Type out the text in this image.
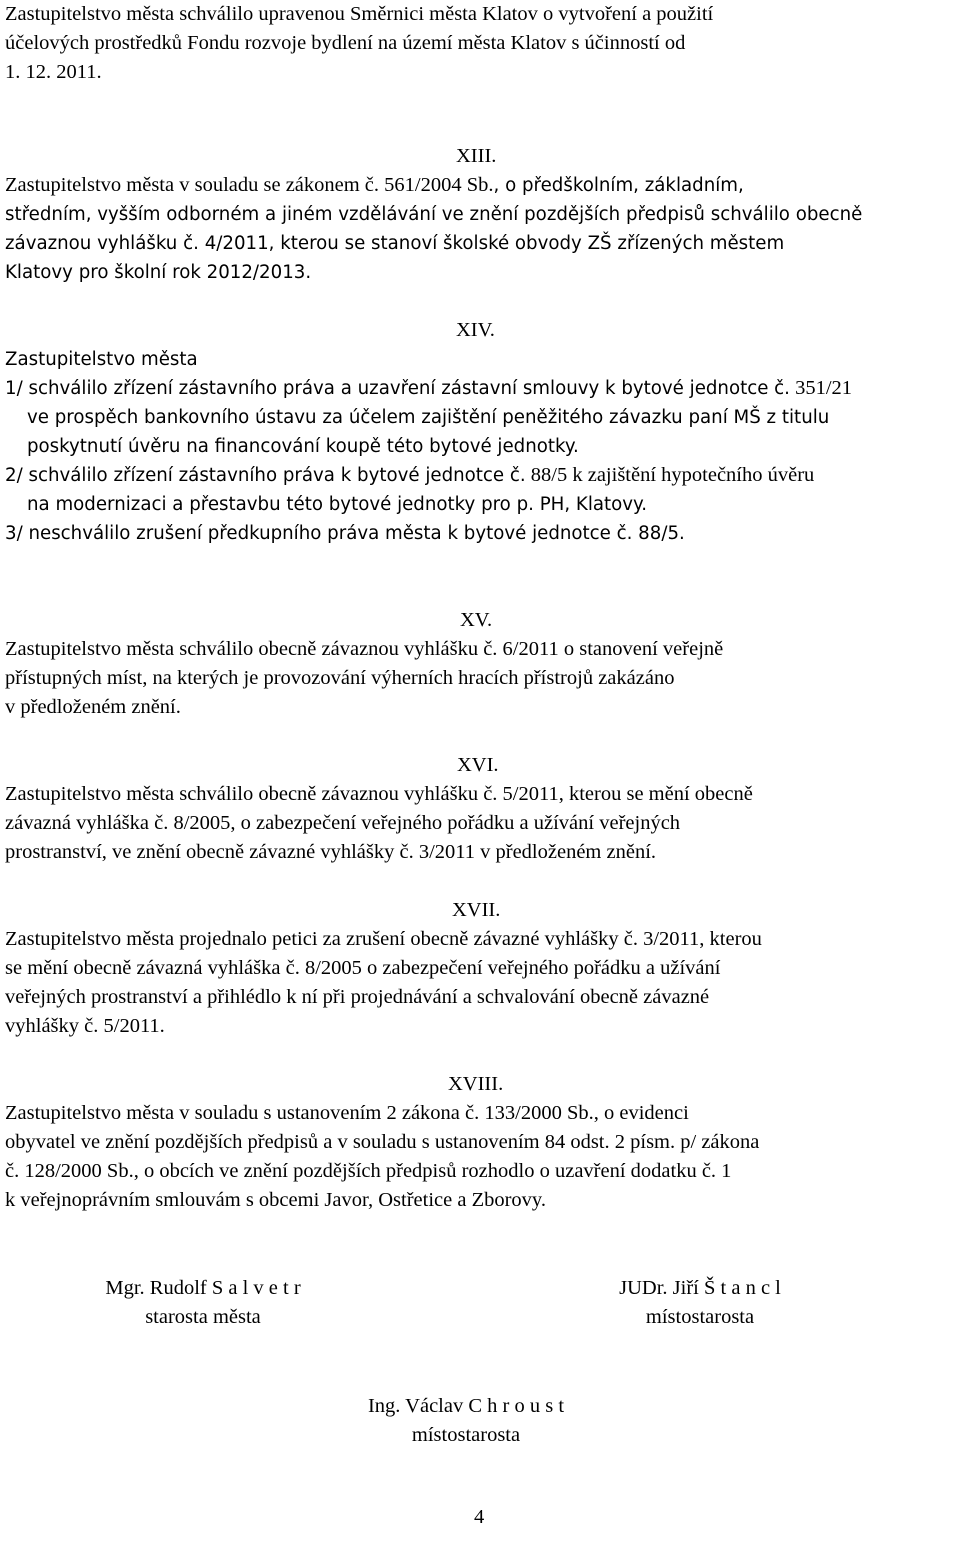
Zastupitelstvo města schválilo upravenou Směrnici města Klatov o vytvoření a použití
účelových prostředků Fondu rozvoje bydlení na území města Klatov s účinností od
1. 12. 2011.
XIII.
Zastupitelstvo města v souladu se zákonem č. 561/2004 Sb., o předškolním, základním,
středním, vyšším odborném a jiném vzdělávání ve znění pozdějších předpisů schválilo obecně
závaznou vyhlášku č. 4/2011, kterou se stanoví školské obvody ZŠ zřízených městem
Klatovy pro školní rok 2012/2013.
XIV.
Zastupitelstvo města
1/ schválilo zřízení zástavního práva a uzavření zástavní smlouvy k bytové jednotce č. 351/21
ve prospěch bankovního ústavu za účelem zajištění peněžitého závazku paní MŠ z titulu
poskytnutí úvěru na financování koupě této bytové jednotky.
2/ schválilo zřízení zástavního práva k bytové jednotce č. 88/5 k zajištění hypotečního úvěru
na modernizaci a přestavbu této bytové jednotky pro p. PH, Klatovy.
3/ neschválilo zrušení předkupního práva města k bytové jednotce č. 88/5.
XV.
Zastupitelstvo města schválilo obecně závaznou vyhlášku č. 6/2011 o stanovení veřejně
přístupných míst, na kterých je provozování výherních hracích přístrojů zakázáno
v předloženém znění.
XVI.
Zastupitelstvo města schválilo obecně závaznou vyhlášku č. 5/2011, kterou se mění obecně
závazná vyhláška č. 8/2005, o zabezpečení veřejného pořádku a užívání veřejných
prostranství, ve znění obecně závazné vyhlášky č. 3/2011 v předloženém znění.
XVII.
Zastupitelstvo města projednalo petici za zrušení obecně závazné vyhlášky č. 3/2011, kterou
se mění obecně závazná vyhláška č. 8/2005 o zabezpečení veřejného pořádku a užívání
veřejných prostranství a přihlédlo k ní při projednávání a schvalování obecně závazné
vyhlášky č. 5/2011.
XVIII.
Zastupitelstvo města v souladu s ustanovením 2 zákona č. 133/2000 Sb., o evidenci
obyvatel ve znění pozdějších předpisů a v souladu s ustanovením 84 odst. 2 písm. p/ zákona
č. 128/2000 Sb., o obcích ve znění pozdějších předpisů rozhodlo o uzavření dodatku č. 1
k veřejnoprávním smlouvám s obcemi Javor, Ostřetice a Zborovy.
Mgr. Rudolf S a l v e t r
starosta města
JUDr. Jiří Š t a n c l
místostarosta
Ing. Václav C h r o u s t
místostarosta
4
